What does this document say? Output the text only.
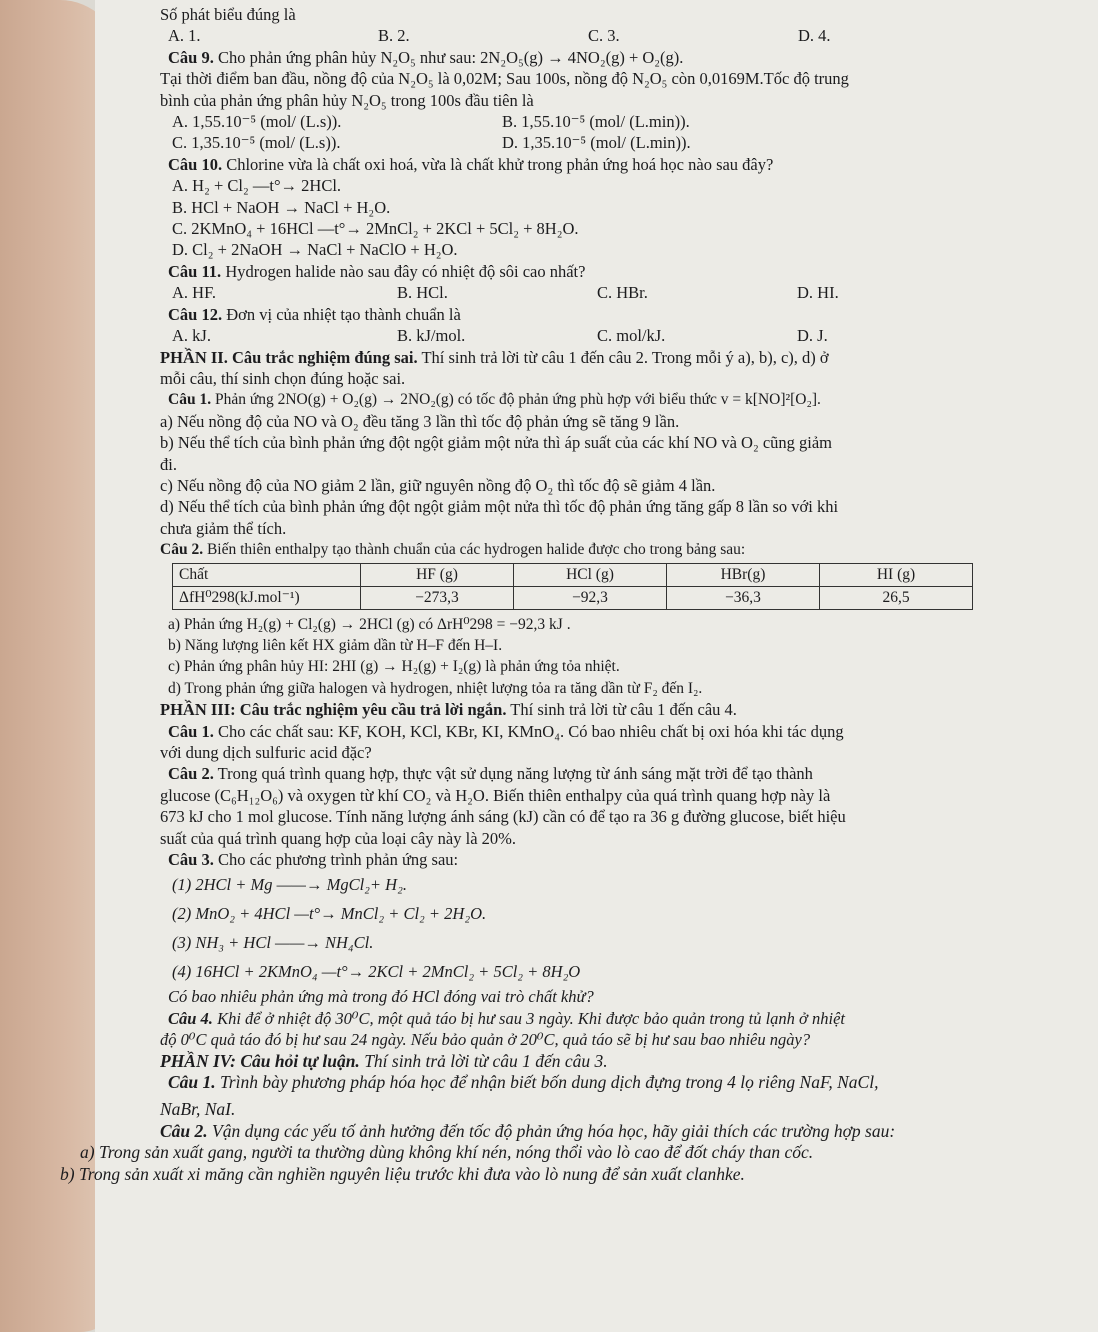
Số phát biểu đúng là
A. 1.	B. 2.	C. 3.	D. 4.
Câu 9. Cho phản ứng phân hủy N₂O₅ như sau: 2N₂O₅(g) → 4NO₂(g) + O₂(g).
Tại thời điểm ban đầu, nồng độ của N₂O₅ là 0,02M; Sau 100s, nồng độ N₂O₅ còn 0,0169M.Tốc độ trung
bình của phản ứng phân hủy N₂O₅ trong 100s đầu tiên là
A. 1,55.10⁻⁵ (mol/ (L.s)).	B. 1,55.10⁻⁵ (mol/ (L.min)).
C. 1,35.10⁻⁵ (mol/ (L.s)).	D. 1,35.10⁻⁵ (mol/ (L.min)).
Câu 10. Chlorine vừa là chất oxi hoá, vừa là chất khử trong phản ứng hoá học nào sau đây?
A. H₂ + Cl₂ —t°→ 2HCl.
B. HCl + NaOH → NaCl + H₂O.
C. 2KMnO₄ + 16HCl —t°→ 2MnCl₂ + 2KCl + 5Cl₂ + 8H₂O.
D. Cl₂ + 2NaOH → NaCl + NaClO + H₂O.
Câu 11. Hydrogen halide nào sau đây có nhiệt độ sôi cao nhất?
A. HF.	B. HCl.	C. HBr.	D. HI.
Câu 12. Đơn vị của nhiệt tạo thành chuẩn là
A. kJ.	B. kJ/mol.	C. mol/kJ.	D. J.
PHẦN II. Câu trắc nghiệm đúng sai. Thí sinh trả lời từ câu 1 đến câu 2. Trong mỗi ý a), b), c), d) ở
mỗi câu, thí sinh chọn đúng hoặc sai.
Câu 1. Phản ứng 2NO(g) + O₂(g) → 2NO₂(g) có tốc độ phản ứng phù hợp với biểu thức v = k[NO]²[O₂].
a) Nếu nồng độ của NO và O₂ đều tăng 3 lần thì tốc độ phản ứng sẽ tăng 9 lần.
b) Nếu thể tích của bình phản ứng đột ngột giảm một nửa thì áp suất của các khí NO và O₂ cũng giảm
đi.
c) Nếu nồng độ của NO giảm 2 lần, giữ nguyên nồng độ O₂ thì tốc độ sẽ giảm 4 lần.
d) Nếu thể tích của bình phản ứng đột ngột giảm một nửa thì tốc độ phản ứng tăng gấp 8 lần so với khi
chưa giảm thể tích.
Câu 2. Biến thiên enthalpy tạo thành chuẩn của các hydrogen halide được cho trong bảng sau:
Chất	HF (g)	HCl (g)	HBr(g)	HI (g)
ΔfH⁰298(kJ.mol⁻¹)	−273,3	−92,3	−36,3	26,5
a) Phản ứng H₂(g) + Cl₂(g) → 2HCl (g) có ΔrH⁰298 = −92,3 kJ .
b) Năng lượng liên kết HX giảm dần từ H–F đến H–I.
c) Phản ứng phân hủy HI: 2HI (g) → H₂(g) + I₂(g) là phản ứng tỏa nhiệt.
d) Trong phản ứng giữa halogen và hydrogen, nhiệt lượng tỏa ra tăng dần từ F₂ đến I₂.
PHẦN III: Câu trắc nghiệm yêu cầu trả lời ngắn. Thí sinh trả lời từ câu 1 đến câu 4.
Câu 1. Cho các chất sau: KF, KOH, KCl, KBr, KI, KMnO₄. Có bao nhiêu chất bị oxi hóa khi tác dụng
với dung dịch sulfuric acid đặc?
Câu 2. Trong quá trình quang hợp, thực vật sử dụng năng lượng từ ánh sáng mặt trời để tạo thành
glucose (C₆H₁₂O₆) và oxygen từ khí CO₂ và H₂O. Biến thiên enthalpy của quá trình quang hợp này là
673 kJ cho 1 mol glucose. Tính năng lượng ánh sáng (kJ) cần có để tạo ra 36 g đường glucose, biết hiệu
suất của quá trình quang hợp của loại cây này là 20%.
Câu 3. Cho các phương trình phản ứng sau:
(1) 2HCl + Mg ——→ MgCl₂+ H₂.
(2) MnO₂ + 4HCl —t°→ MnCl₂ + Cl₂ + 2H₂O.
(3) NH₃ + HCl ——→ NH₄Cl.
(4) 16HCl + 2KMnO₄ —t°→ 2KCl + 2MnCl₂ + 5Cl₂ + 8H₂O
Có bao nhiêu phản ứng mà trong đó HCl đóng vai trò chất khử?
Câu 4. Khi để ở nhiệt độ 30⁰C, một quả táo bị hư sau 3 ngày. Khi được bảo quản trong tủ lạnh ở nhiệt
độ 0⁰C quả táo đó bị hư sau 24 ngày. Nếu bảo quản ở 20⁰C, quả táo sẽ bị hư sau bao nhiêu ngày?
PHẦN IV: Câu hỏi tự luận. Thí sinh trả lời từ câu 1 đến câu 3.
Câu 1. Trình bày phương pháp hóa học để nhận biết bốn dung dịch đựng trong 4 lọ riêng NaF, NaCl,
NaBr, NaI.
Câu 2. Vận dụng các yếu tố ảnh hưởng đến tốc độ phản ứng hóa học, hãy giải thích các trường hợp sau:
a) Trong sản xuất gang, người ta thường dùng không khí nén, nóng thổi vào lò cao để đốt cháy than cốc.
b) Trong sản xuất xi măng cần nghiền nguyên liệu trước khi đưa vào lò nung để sản xuất clanhke.
